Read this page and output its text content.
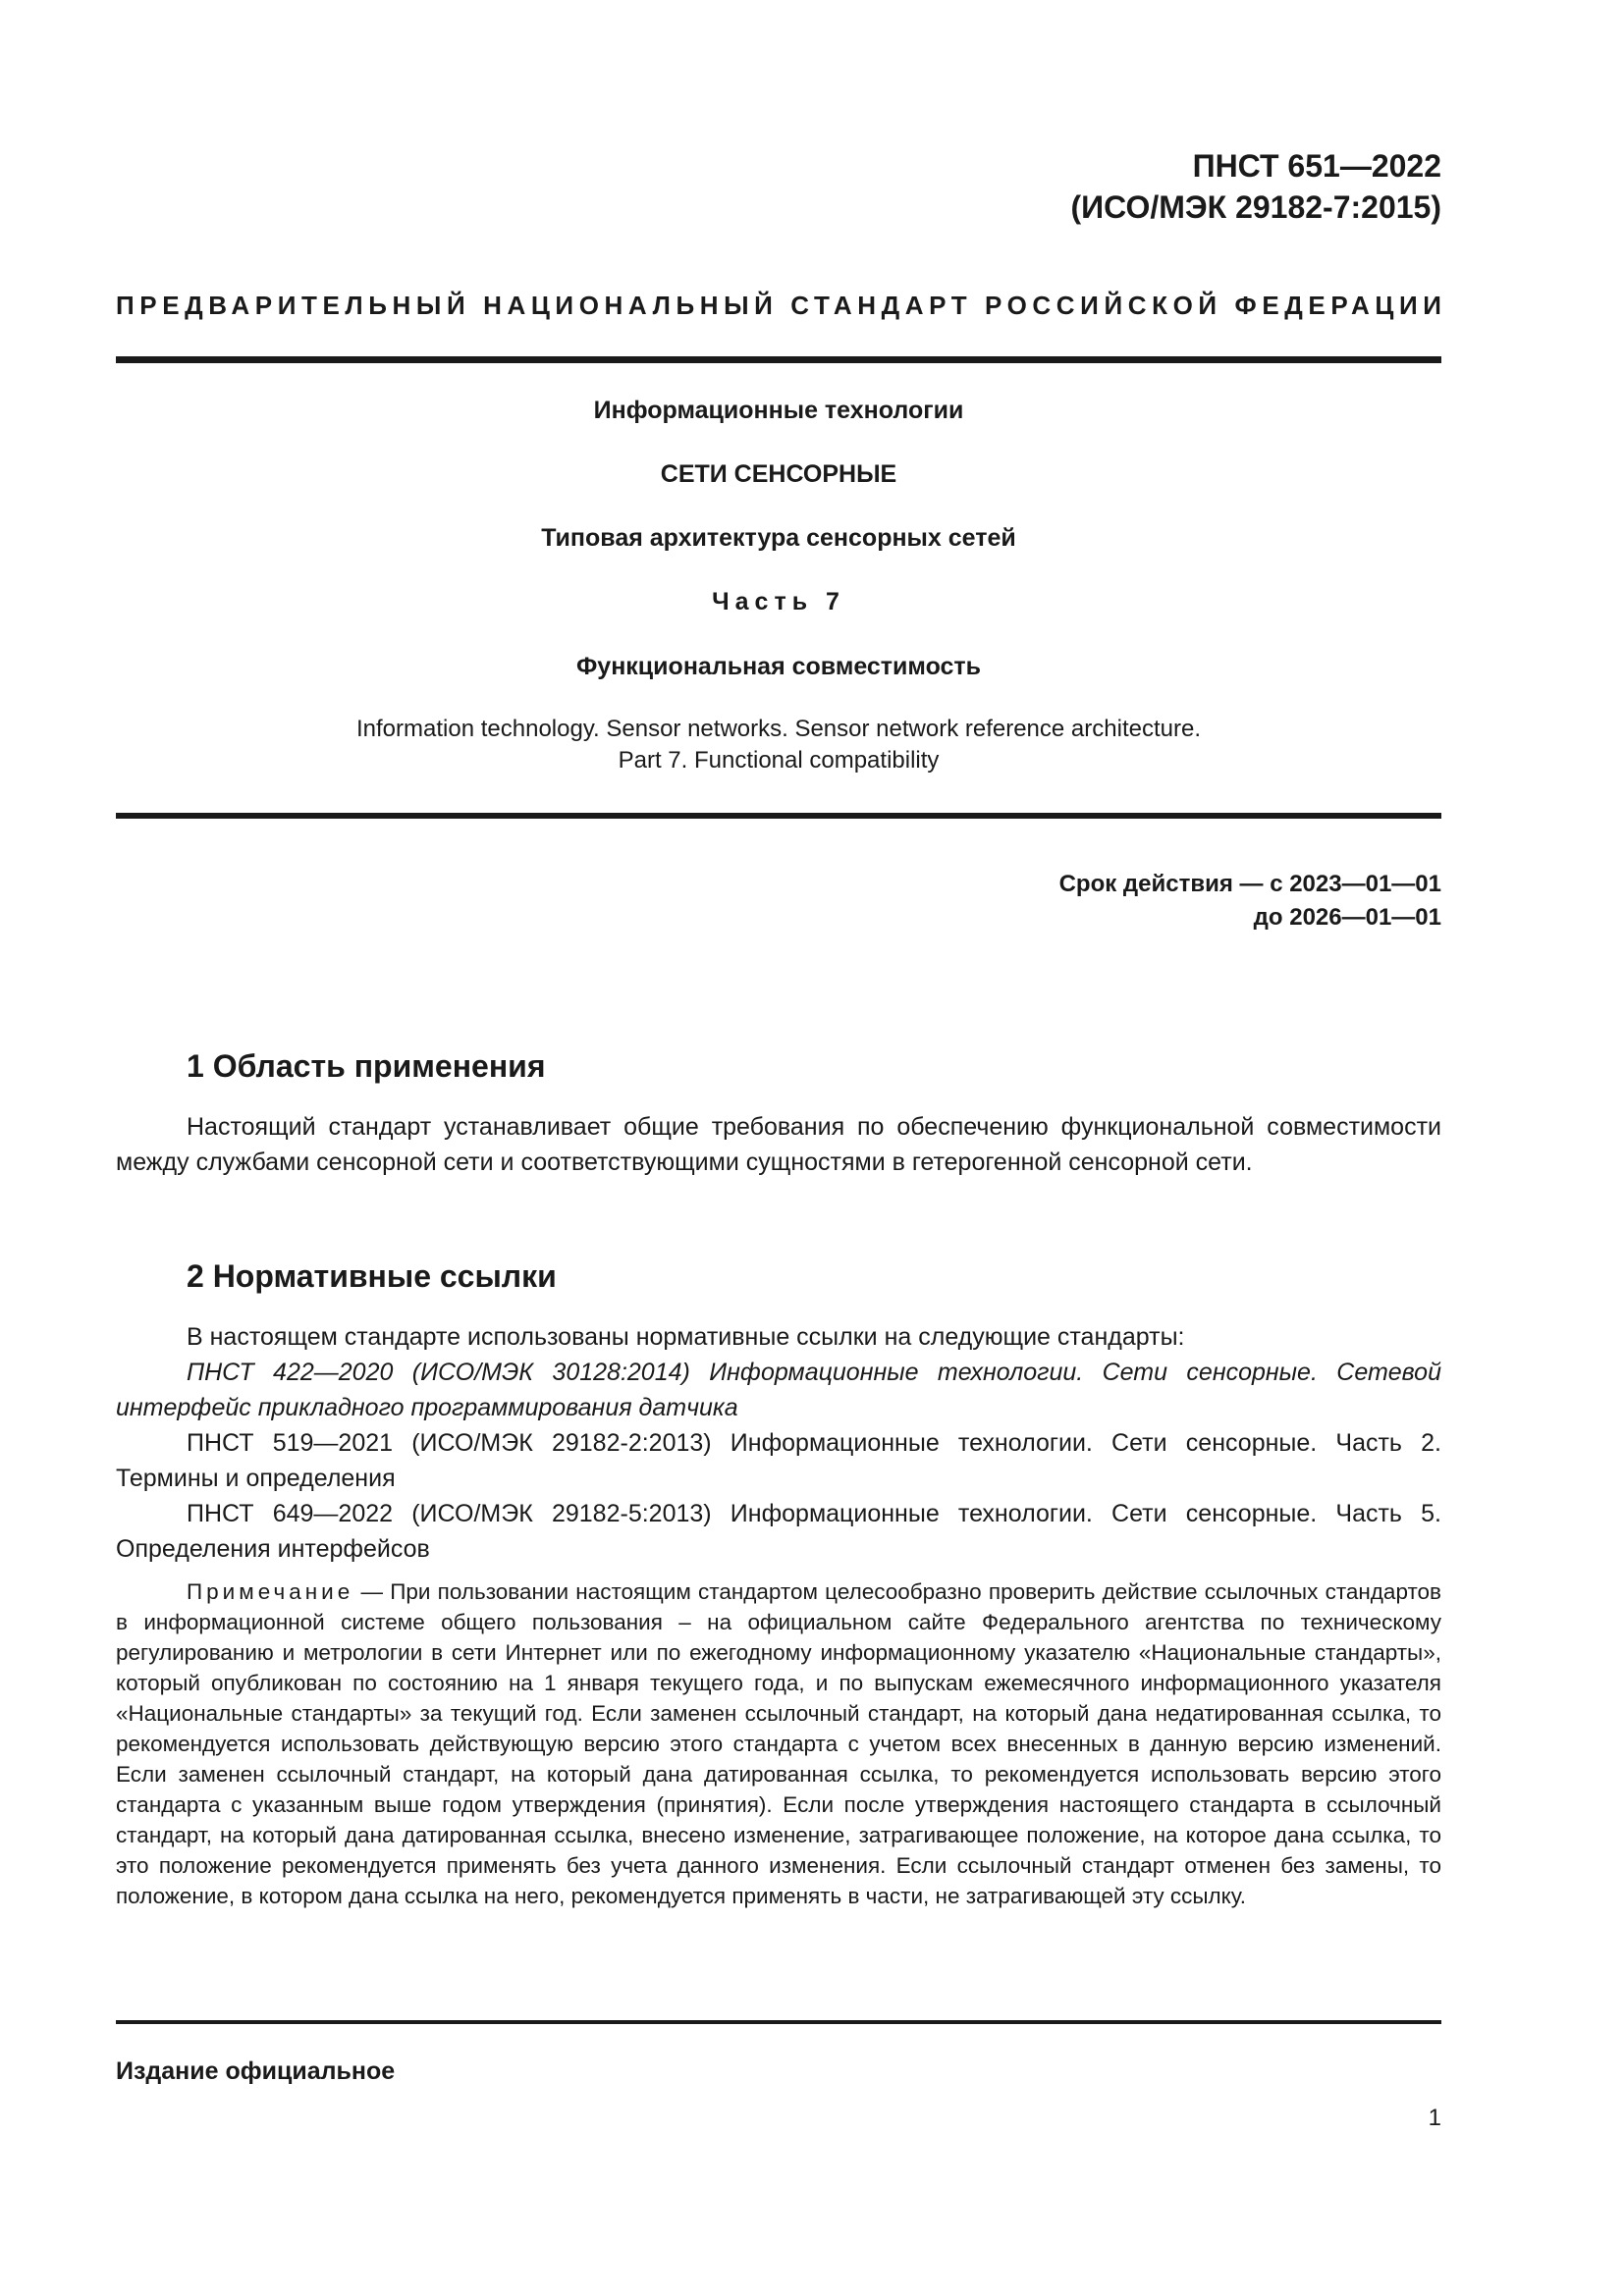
ПНСТ 651—2022
(ИСО/МЭК 29182-7:2015)
ПРЕДВАРИТЕЛЬНЫЙ НАЦИОНАЛЬНЫЙ СТАНДАРТ РОССИЙСКОЙ ФЕДЕРАЦИИ
Информационные технологии
СЕТИ СЕНСОРНЫЕ
Типовая архитектура сенсорных сетей
Часть 7
Функциональная совместимость
Information technology. Sensor networks. Sensor network reference architecture.
Part 7. Functional compatibility
Срок действия — с 2023—01—01
до 2026—01—01
1 Область применения
Настоящий стандарт устанавливает общие требования по обеспечению функциональной совместимости между службами сенсорной сети и соответствующими сущностями в гетерогенной сенсорной сети.
2 Нормативные ссылки
В настоящем стандарте использованы нормативные ссылки на следующие стандарты:
ПНСТ 422—2020 (ИСО/МЭК 30128:2014) Информационные технологии. Сети сенсорные. Сетевой интерфейс прикладного программирования датчика
ПНСТ 519—2021 (ИСО/МЭК 29182-2:2013) Информационные технологии. Сети сенсорные. Часть 2. Термины и определения
ПНСТ 649—2022 (ИСО/МЭК 29182-5:2013) Информационные технологии. Сети сенсорные. Часть 5. Определения интерфейсов
Примечание — При пользовании настоящим стандартом целесообразно проверить действие ссылочных стандартов в информационной системе общего пользования – на официальном сайте Федерального агентства по техническому регулированию и метрологии в сети Интернет или по ежегодному информационному указателю «Национальные стандарты», который опубликован по состоянию на 1 января текущего года, и по выпускам ежемесячного информационного указателя «Национальные стандарты» за текущий год. Если заменен ссылочный стандарт, на который дана недатированная ссылка, то рекомендуется использовать действующую версию этого стандарта с учетом всех внесенных в данную версию изменений. Если заменен ссылочный стандарт, на который дана датированная ссылка, то рекомендуется использовать версию этого стандарта с указанным выше годом утверждения (принятия). Если после утверждения настоящего стандарта в ссылочный стандарт, на который дана датированная ссылка, внесено изменение, затрагивающее положение, на которое дана ссылка, то это положение рекомендуется применять без учета данного изменения. Если ссылочный стандарт отменен без замены, то положение, в котором дана ссылка на него, рекомендуется применять в части, не затрагивающей эту ссылку.
Издание официальное
1
